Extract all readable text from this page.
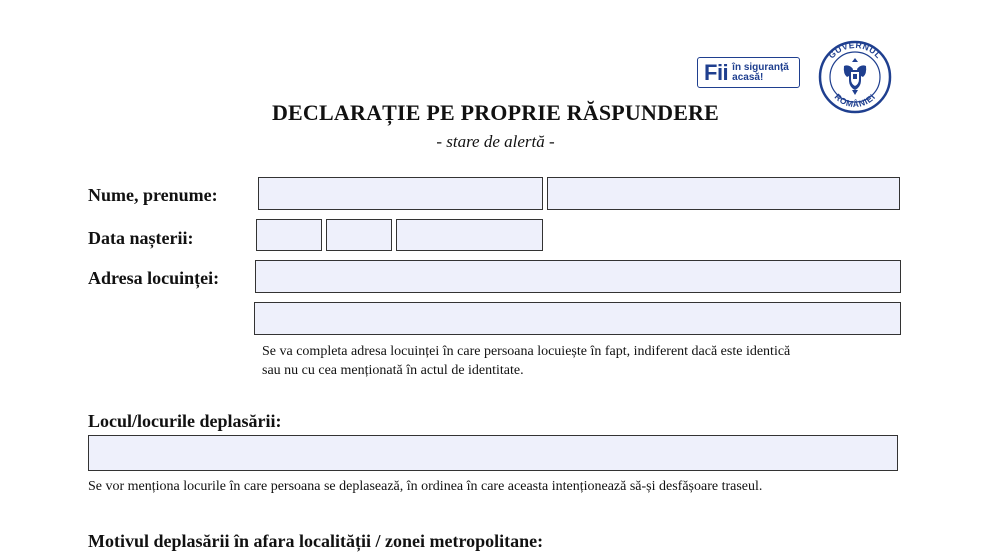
Fii în siguranță
acasă!
GUVERNUL
ROMÂNIEI
DECLARAȚIE PE PROPRIE RĂSPUNDERE
- stare de alertă -
Nume, prenume:
Data nașterii:
Adresa locuinței:
Se va completa adresa locuinței în care persoana locuiește în fapt, indiferent dacă este identică
sau nu cu cea menționată în actul de identitate.
Locul/locurile deplasării:
Se vor menționa locurile în care persoana se deplasează, în ordinea în care aceasta intenționează să-și desfășoare traseul.
Motivul deplasării în afara localității / zonei metropolitane:
